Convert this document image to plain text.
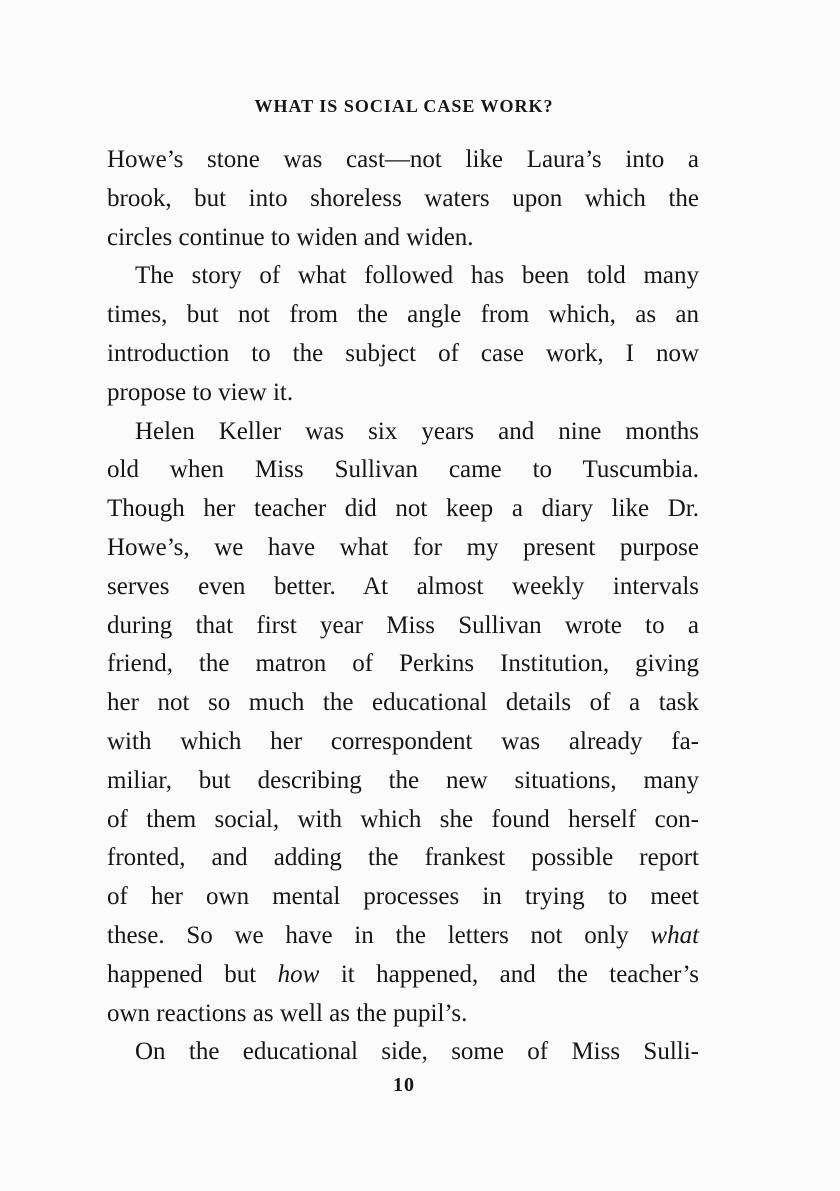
WHAT IS SOCIAL CASE WORK?
Howe’s stone was cast—not like Laura’s into a
brook, but into shoreless waters upon which the
circles continue to widen and widen.
The story of what followed has been told many
times, but not from the angle from which, as an
introduction to the subject of case work, I now
propose to view it.
Helen Keller was six years and nine months
old when Miss Sullivan came to Tuscumbia.
Though her teacher did not keep a diary like Dr.
Howe’s, we have what for my present purpose
serves even better. At almost weekly intervals
during that first year Miss Sullivan wrote to a
friend, the matron of Perkins Institution, giving
her not so much the educational details of a task
with which her correspondent was already fa-
miliar, but describing the new situations, many
of them social, with which she found herself con-
fronted, and adding the frankest possible report
of her own mental processes in trying to meet
these. So we have in the letters not only what
happened but how it happened, and the teacher’s
own reactions as well as the pupil’s.
On the educational side, some of Miss Sulli-
10
